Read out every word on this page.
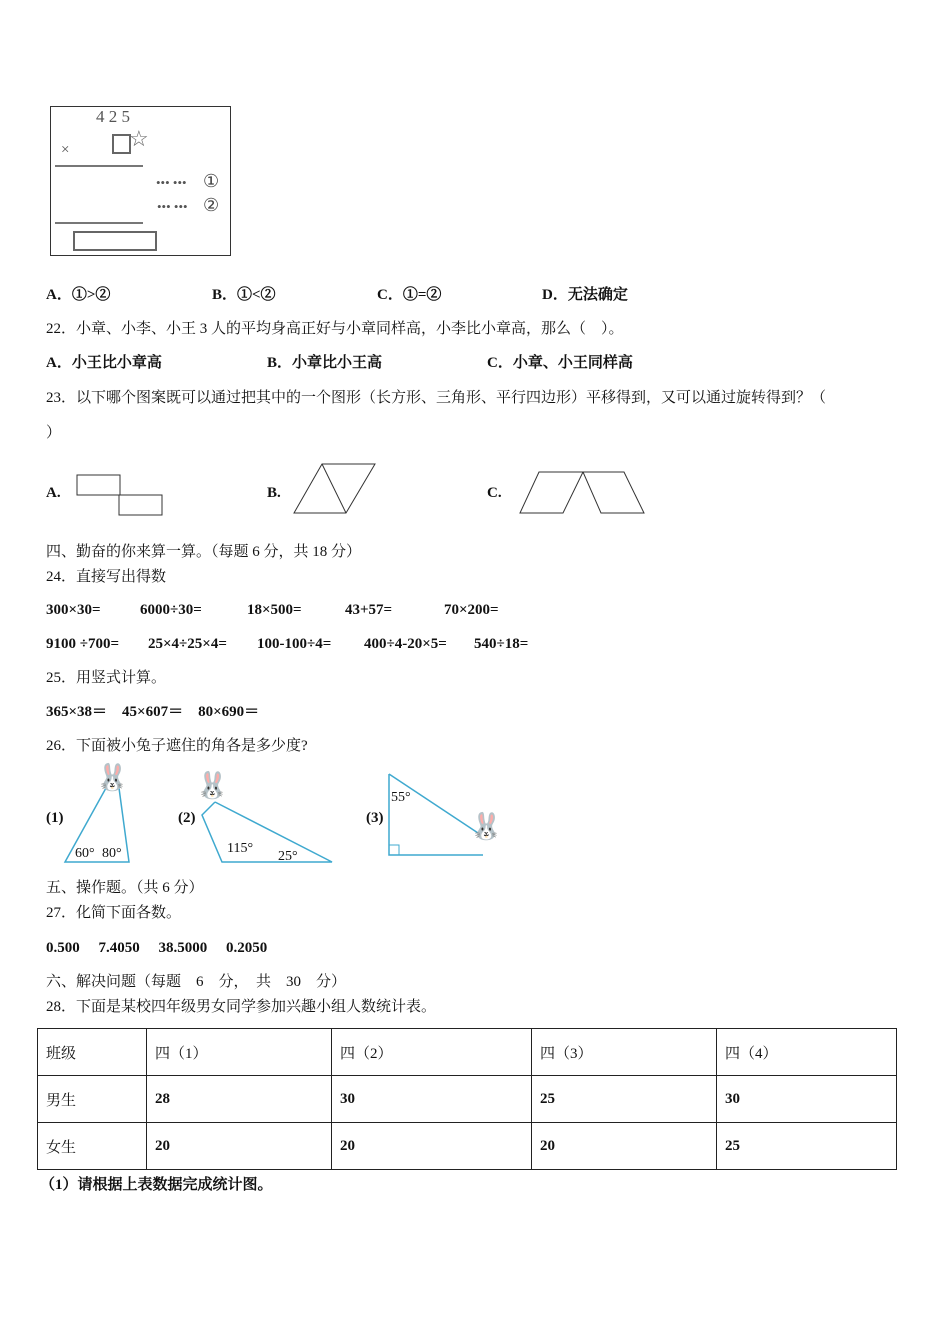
4 2 5
×	☆
••• ••• ①
••• ••• ②
A．①>②	B．①<②	C．①=②	D．无法确定
22．小章、小李、小王 3 人的平均身高正好与小章同样高，小李比小章高，那么（　）。
A．小王比小章高	B．小章比小王高	C．小章、小王同样高
23．以下哪个图案既可以通过把其中的一个图形（长方形、三角形、平行四边形）平移得到，又可以通过旋转得到？（
）
A.	B.	C.
四、勤奋的你来算一算。（每题 6 分，共 18 分）
24．直接写出得数
300×30=	6000÷30=	18×500=	43+57=	70×200=
9100 ÷700= 25×4÷25×4= 100-100÷4= 400÷4-20×5= 540÷18=
25．用竖式计算。
365×38＝　45×607＝　80×690＝
26．下面被小兔子遮住的角各是多少度?
(1)
🐰
60° 80°
(2)
🐰
115°
25°
(3)	🐰
55°
五、操作题。（共 6 分）
27．化简下面各数。
0.500　 7.4050　 38.5000　 0.2050
六、解决问题（每题　6　分，　共　30　分）
28．下面是某校四年级男女同学参加兴趣小组人数统计表。
班级	四（1）	四（2）	四（3）	四（4）
男生	28	30	25	30
女生	20	20	20	25
（1）请根据上表数据完成统计图。
